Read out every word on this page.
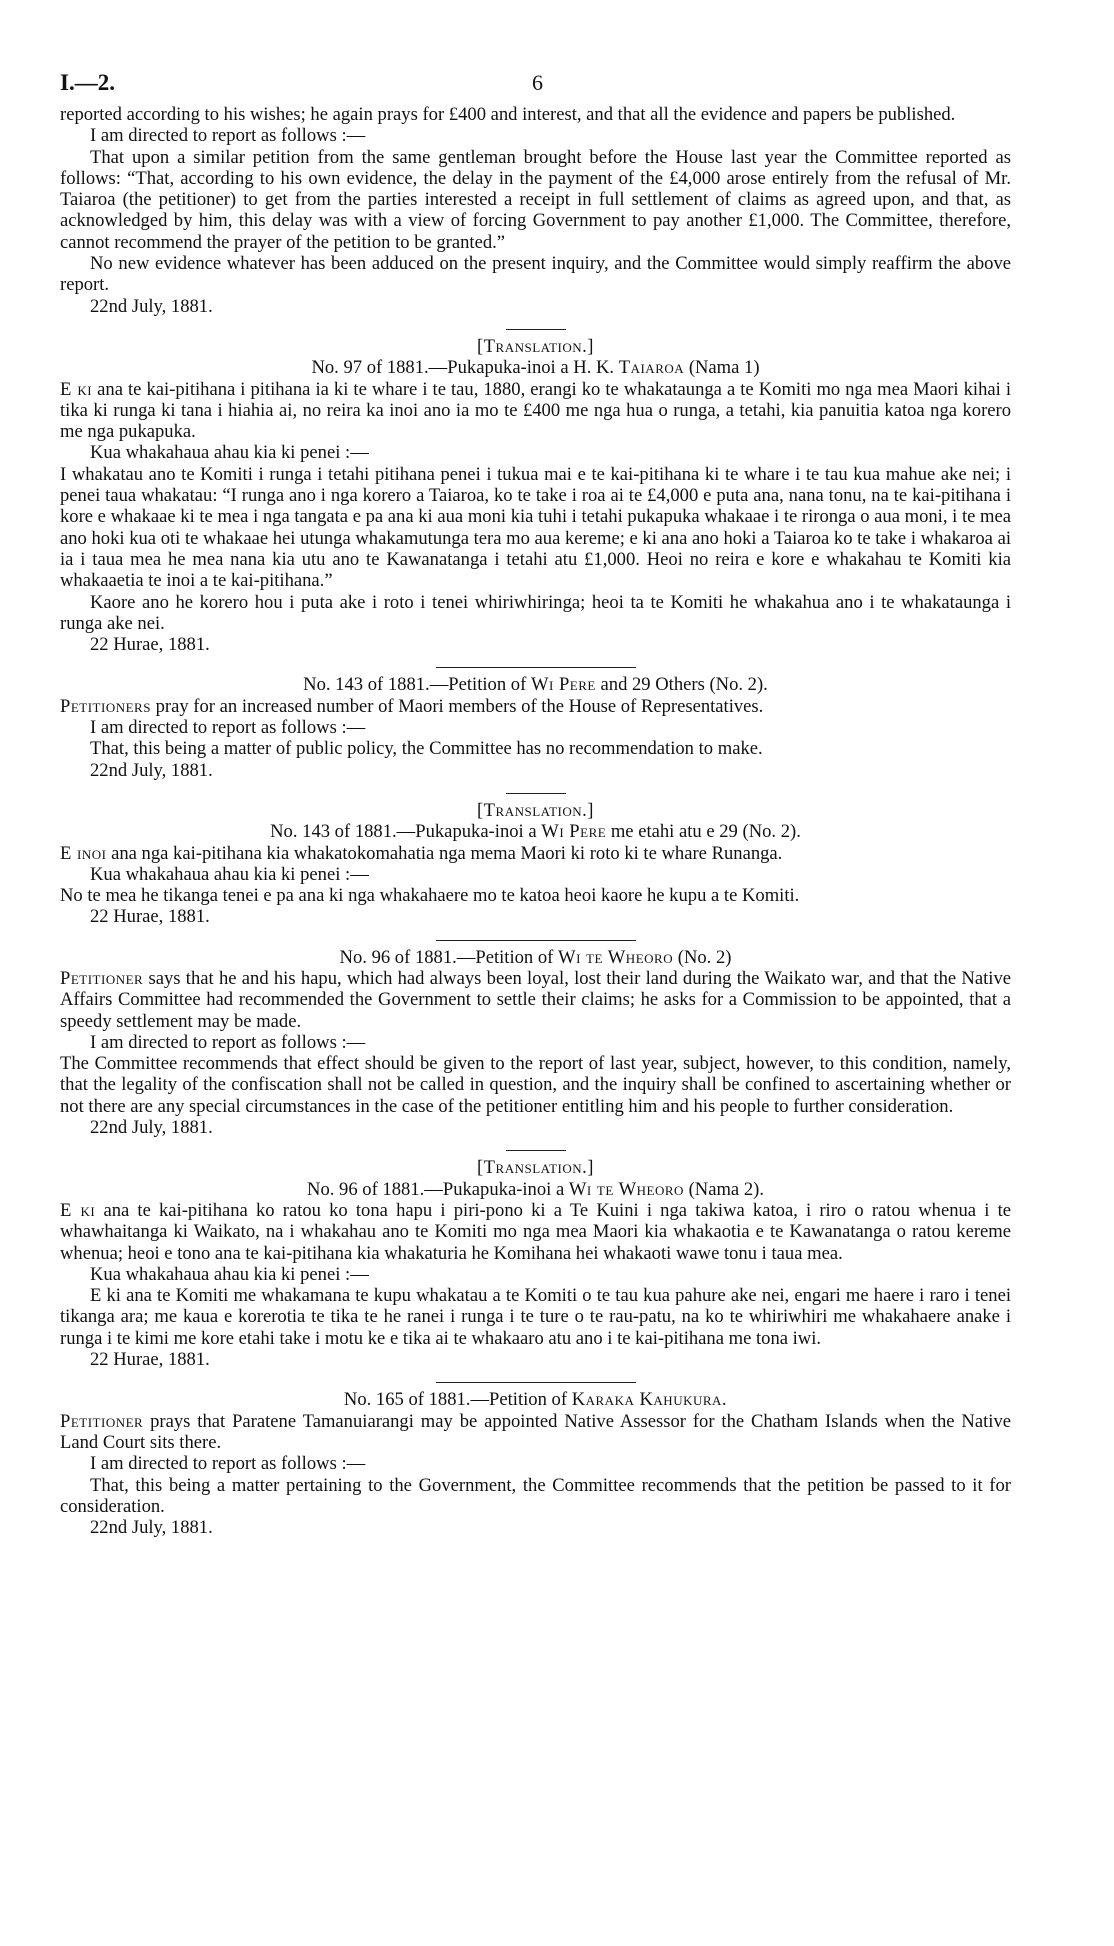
I.—2.	6

reported according to his wishes; he again prays for £400 and interest, and that all the evidence and papers be published.

I am directed to report as follows :—

That upon a similar petition from the same gentleman brought before the House last year the Committee reported as follows: “That, according to his own evidence, the delay in the payment of the £4,000 arose entirely from the refusal of Mr. Taiaroa (the petitioner) to get from the parties interested a receipt in full settlement of claims as agreed upon, and that, as acknowledged by him, this delay was with a view of forcing Government to pay another £1,000. The Committee, therefore, cannot recommend the prayer of the petition to be granted.”

No new evidence whatever has been adduced on the present inquiry, and the Committee would simply reaffirm the above report.

22nd July, 1881.

[Translation.]

No. 97 of 1881.—Pukapuka-inoi a H. K. Taiaroa (Nama 1)

E ki ana te kai-pitihana i pitihana ia ki te whare i te tau, 1880, erangi ko te whakataunga a te Komiti mo nga mea Maori kihai i tika ki runga ki tana i hiahia ai, no reira ka inoi ano ia mo te £400 me nga hua o runga, a tetahi, kia panuitia katoa nga korero me nga pukapuka.

Kua whakahaua ahau kia ki penei :—

I whakatau ano te Komiti i runga i tetahi pitihana penei i tukua mai e te kai-pitihana ki te whare i te tau kua mahue ake nei; i penei taua whakatau: “I runga ano i nga korero a Taiaroa, ko te take i roa ai te £4,000 e puta ana, nana tonu, na te kai-pitihana i kore e whakaae ki te mea i nga tangata e pa ana ki aua moni kia tuhi i tetahi pukapuka whakaae i te rironga o aua moni, i te mea ano hoki kua oti te whakaae hei utunga whakamutunga tera mo aua kereme; e ki ana ano hoki a Taiaroa ko te take i whakaroa ai ia i taua mea he mea nana kia utu ano te Kawanatanga i tetahi atu £1,000. Heoi no reira e kore e whakahau te Komiti kia whakaaetia te inoi a te kai-pitihana.”

Kaore ano he korero hou i puta ake i roto i tenei whiriwhiringa; heoi ta te Komiti he whakahua ano i te whakataunga i runga ake nei.

22 Hurae, 1881.

No. 143 of 1881.—Petition of Wi Pere and 29 Others (No. 2).

Petitioners pray for an increased number of Maori members of the House of Representatives.

I am directed to report as follows :—

That, this being a matter of public policy, the Committee has no recommendation to make.

22nd July, 1881.

[Translation.]

No. 143 of 1881.—Pukapuka-inoi a Wi Pere me etahi atu e 29 (No. 2).

E inoi ana nga kai-pitihana kia whakatokomahatia nga mema Maori ki roto ki te whare Runanga.

Kua whakahaua ahau kia ki penei :—

No te mea he tikanga tenei e pa ana ki nga whakahaere mo te katoa heoi kaore he kupu a te Komiti.

22 Hurae, 1881.

No. 96 of 1881.—Petition of Wi te Wheoro (No. 2)

Petitioner says that he and his hapu, which had always been loyal, lost their land during the Waikato war, and that the Native Affairs Committee had recommended the Government to settle their claims; he asks for a Commission to be appointed, that a speedy settlement may be made.

I am directed to report as follows :—

The Committee recommends that effect should be given to the report of last year, subject, however, to this condition, namely, that the legality of the confiscation shall not be called in question, and the inquiry shall be confined to ascertaining whether or not there are any special circumstances in the case of the petitioner entitling him and his people to further consideration.

22nd July, 1881.

[Translation.]

No. 96 of 1881.—Pukapuka-inoi a Wi te Wheoro (Nama 2).

E ki ana te kai-pitihana ko ratou ko tona hapu i piri-pono ki a Te Kuini i nga takiwa katoa, i riro o ratou whenua i te whawhaitanga ki Waikato, na i whakahau ano te Komiti mo nga mea Maori kia whakaotia e te Kawanatanga o ratou kereme whenua; heoi e tono ana te kai-pitihana kia whakaturia he Komihana hei whakaoti wawe tonu i taua mea.

Kua whakahaua ahau kia ki penei :—

E ki ana te Komiti me whakamana te kupu whakatau a te Komiti o te tau kua pahure ake nei, engari me haere i raro i tenei tikanga ara; me kaua e korerotia te tika te he ranei i runga i te ture o te rau-patu, na ko te whiriwhiri me whakahaere anake i runga i te kimi me kore etahi take i motu ke e tika ai te whakaaro atu ano i te kai-pitihana me tona iwi.

22 Hurae, 1881.

No. 165 of 1881.—Petition of Karaka Kahukura.

Petitioner prays that Paratene Tamanuiarangi may be appointed Native Assessor for the Chatham Islands when the Native Land Court sits there.

I am directed to report as follows :—

That, this being a matter pertaining to the Government, the Committee recommends that the petition be passed to it for consideration.

22nd July, 1881.
